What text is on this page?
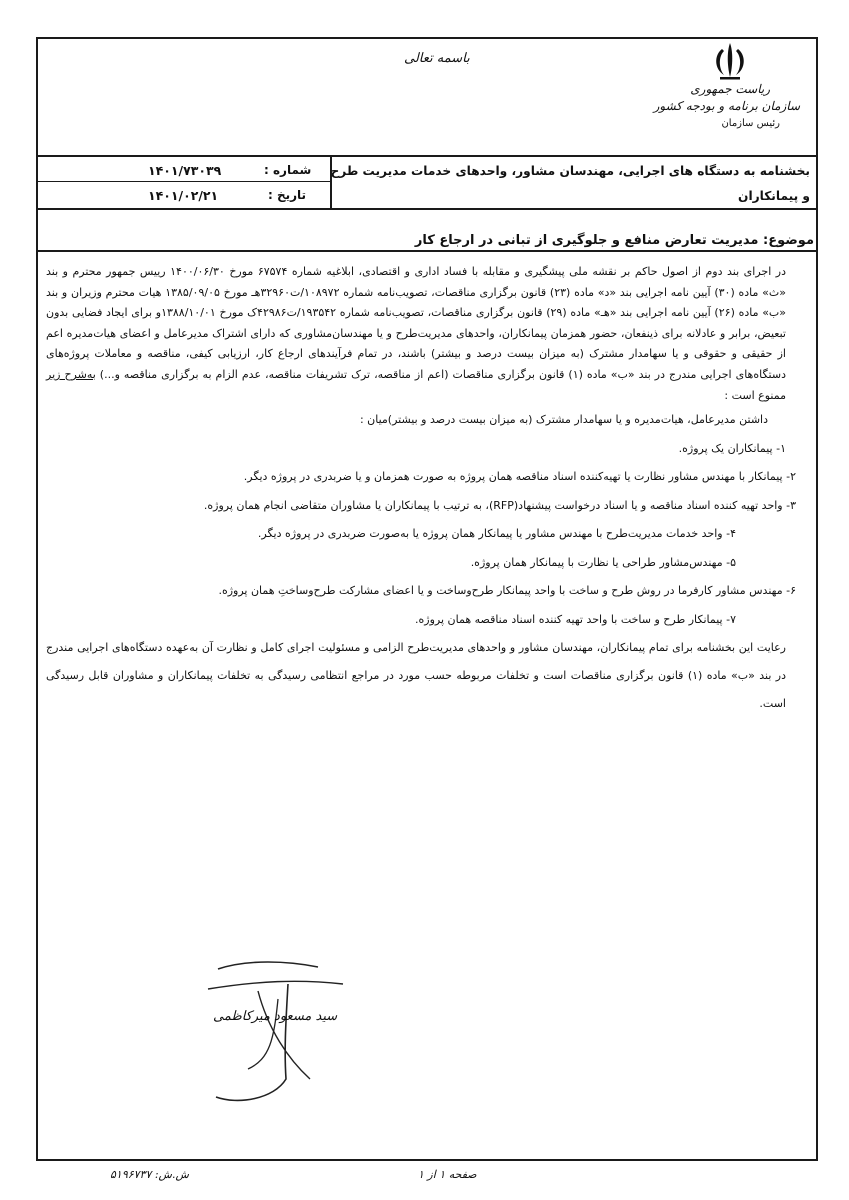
باسمه تعالی
ریاست جمهوری
سازمان برنامه و بودجه کشور
رئیس سازمان
بخشنامه به دستگاه های اجرایی، مهندسان مشاور، واحدهای خدمات مدیریت طرح و پیمانکاران
شماره :
۱۴۰۱/۷۳۰۳۹
تاریخ :
۱۴۰۱/۰۲/۲۱
موضوع: مدیریت تعارض منافع و جلوگیری از تبانی در ارجاع کار

در اجرای بند دوم از اصول حاکم بر نقشه ملی پیشگیری و مقابله با فساد اداری و اقتصادی، ابلاغیه شماره ۶۷۵۷۴ مورخ ۱۴۰۰/۰۶/۳۰ رییس جمهور محترم و بند «ث» ماده (۳۰) آیین نامه اجرایی بند «د» ماده (۲۳) قانون برگزاری مناقصات، تصویب‌نامه شماره ۱۰۸۹۷۲/ت۳۲۹۶۰هـ مورخ ۱۳۸۵/۰۹/۰۵ هیات محترم وزیران و بند «ب» ماده (۲۶) آیین نامه اجرایی بند «هـ» ماده (۲۹) قانون برگزاری مناقصات، تصویب‌نامه شماره ۱۹۳۵۴۲/ت۴۲۹۸۶ک مورخ ۱۳۸۸/۱۰/۰۱و برای ایجاد فضایی بدون تبعیض، برابر و عادلانه برای ذینفعان، حضور همزمان پیمانکاران، واحدهای مدیریت‌طرح و یا مهندسان‌مشاوری که دارای اشتراک مدیرعامل و اعضای هیات‌مدیره اعم از حقیقی و حقوقی و یا سهامدار مشترک (به میزان بیست درصد و بیشتر) باشند، در تمام فرآیندهای ارجاع کار، ارزیابی کیفی، مناقصه و معاملات پروژه‌های دستگاه‌های اجرایی مندرج در بند «ب» ماده (۱) قانون برگزاری مناقصات (اعم از مناقصه، ترک تشریفات مناقصه، عدم الزام به برگزاری مناقصه و...) به‌شرح زیر ممنوع است :

داشتن مدیرعامل، هیات‌مدیره و یا سهامدار مشترک (به میزان بیست درصد و بیشتر)میان :

۱- پیمانکاران یک پروژه.

۲- پیمانکار با مهندس مشاور نظارت یا تهیه‌کننده اسناد مناقصه همان پروژه به صورت همزمان و یا ضربدری در پروژه دیگر.

۳- واحد تهیه کننده اسناد مناقصه و یا اسناد درخواست پیشنهاد(RFP)، به ترتیب با پیمانکاران یا مشاوران متقاضی انجام همان پروژه.

۴- واحد خدمات مدیریت‌طرح با مهندس مشاور یا پیمانکار همان پروژه یا به‌صورت ضربدری در پروژه دیگر.

۵- مهندس‌مشاور طراحی یا نظارت با پیمانکار همان پروژه.

۶- مهندس مشاور کارفرما در روش طرح و ساخت با واحد پیمانکار طرح‌وساخت و یا اعضای مشارکت طرح‌وساختِ همان پروژه.

۷- پیمانکار طرح و ساخت با واحد تهیه کننده اسناد مناقصه همان پروژه.

رعایت این بخشنامه برای تمام پیمانکاران، مهندسان مشاور و واحدهای مدیریت‌طرح الزامی و مسئولیت اجرای کامل و نظارت آن به‌عهده دستگاه‌های اجرایی مندرج در بند «ب» ماده (۱) قانون برگزاری مناقصات است و تخلفات مربوطه حسب مورد در مراجع انتظامی رسیدگی به تخلفات پیمانکاران و مشاوران قابل رسیدگی است.

سید مسعود میرکاظمی
صفحه ۱ از ۱
ش.ش: ۵۱۹۶۷۳۷
